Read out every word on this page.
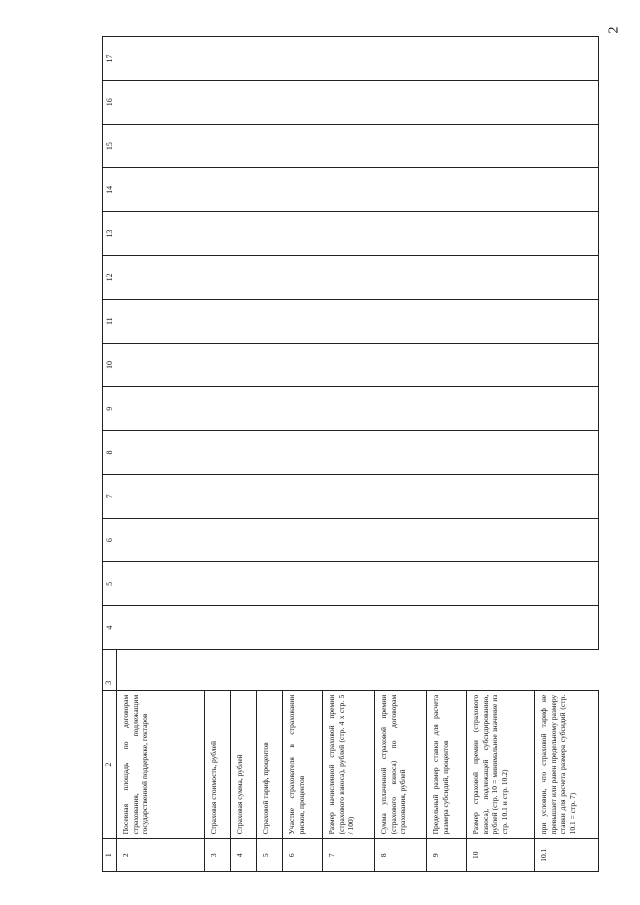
2
1	2	3	4	5	6	7	8	9	10	11	12	13	14	15	16	17
2	Посевная площадь по договорам страхования, подлежащим государственной поддержке, гектаров															
3	Страховая стоимость, рублей															
4	Страховая сумма, рублей															
5	Страховой тариф, процентов															
6	Участие страхователя в страховании рисков, процентов															
7	Размер начисленной страховой премии (страхового взноса), рублей (стр. 4 x стр. 5 / 100)															
8	Сумма уплаченной страховой премии (страхового взноса) по договорам страхования, рублей															
9	Предельный размер ставки для расчета размера субсидий, процентов															
10	Размер страховой премии (страхового взноса), подлежащей субсидированию, рублей (стр. 10 = минимальное значение из стр. 10.1 и стр. 10.2)															
10.1	при условии, что страховой тариф не превышает или равен предельному размеру ставки для расчета размера субсидий (стр. 10.1 = стр. 7)															
